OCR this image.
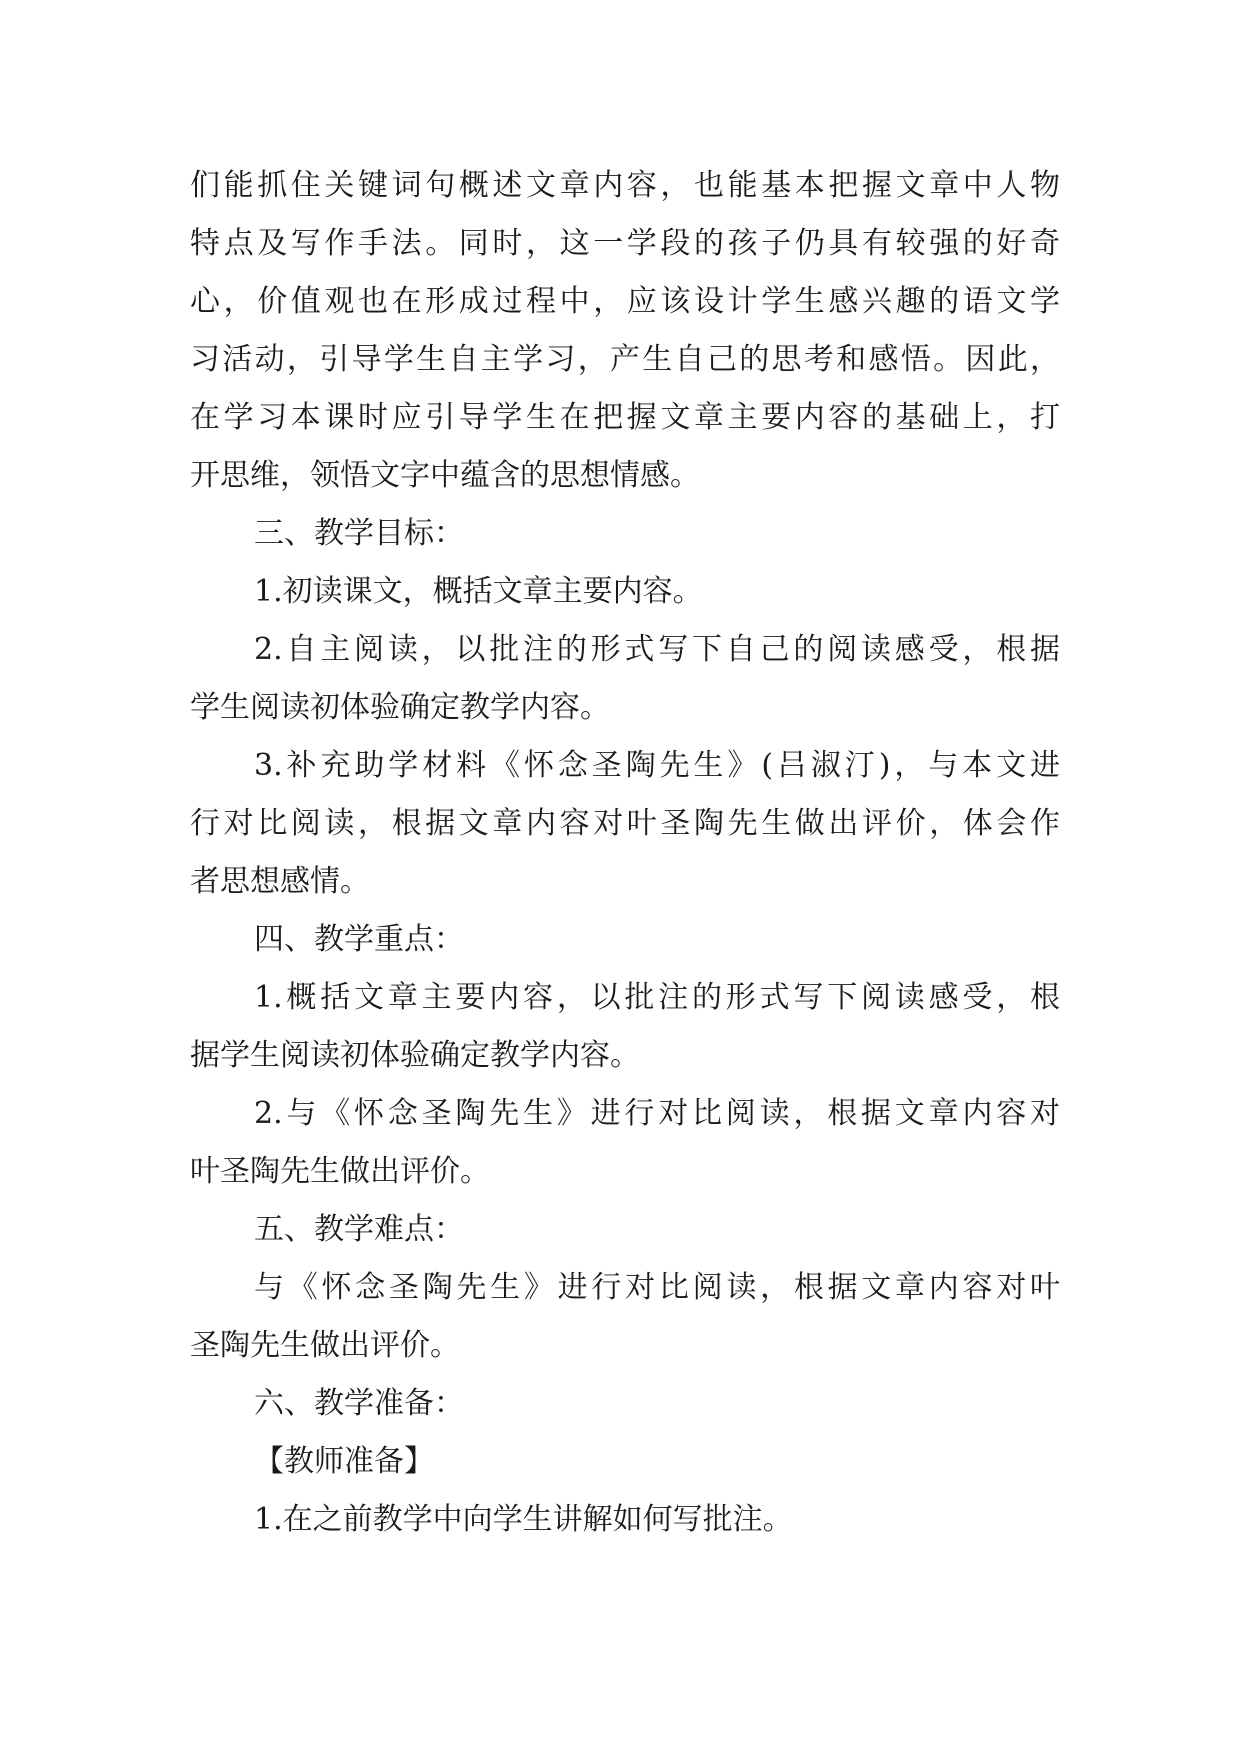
们能抓住关键词句概述文章内容，也能基本把握文章中人物

特点及写作手法。同时，这一学段的孩子仍具有较强的好奇

心，价值观也在形成过程中，应该设计学生感兴趣的语文学

习活动，引导学生自主学习，产生自己的思考和感悟。因此，

在学习本课时应引导学生在把握文章主要内容的基础上，打

开思维，领悟文字中蕴含的思想情感。

三、教学目标：

1.初读课文，概括文章主要内容。

2.自主阅读，以批注的形式写下自己的阅读感受，根据

学生阅读初体验确定教学内容。

3.补充助学材料《怀念圣陶先生》(吕淑汀)，与本文进

行对比阅读，根据文章内容对叶圣陶先生做出评价，体会作

者思想感情。

四、教学重点：

1.概括文章主要内容，以批注的形式写下阅读感受，根

据学生阅读初体验确定教学内容。

2.与《怀念圣陶先生》进行对比阅读，根据文章内容对

叶圣陶先生做出评价。

五、教学难点：

与《怀念圣陶先生》进行对比阅读，根据文章内容对叶

圣陶先生做出评价。

六、教学准备：

【教师准备】

1.在之前教学中向学生讲解如何写批注。
